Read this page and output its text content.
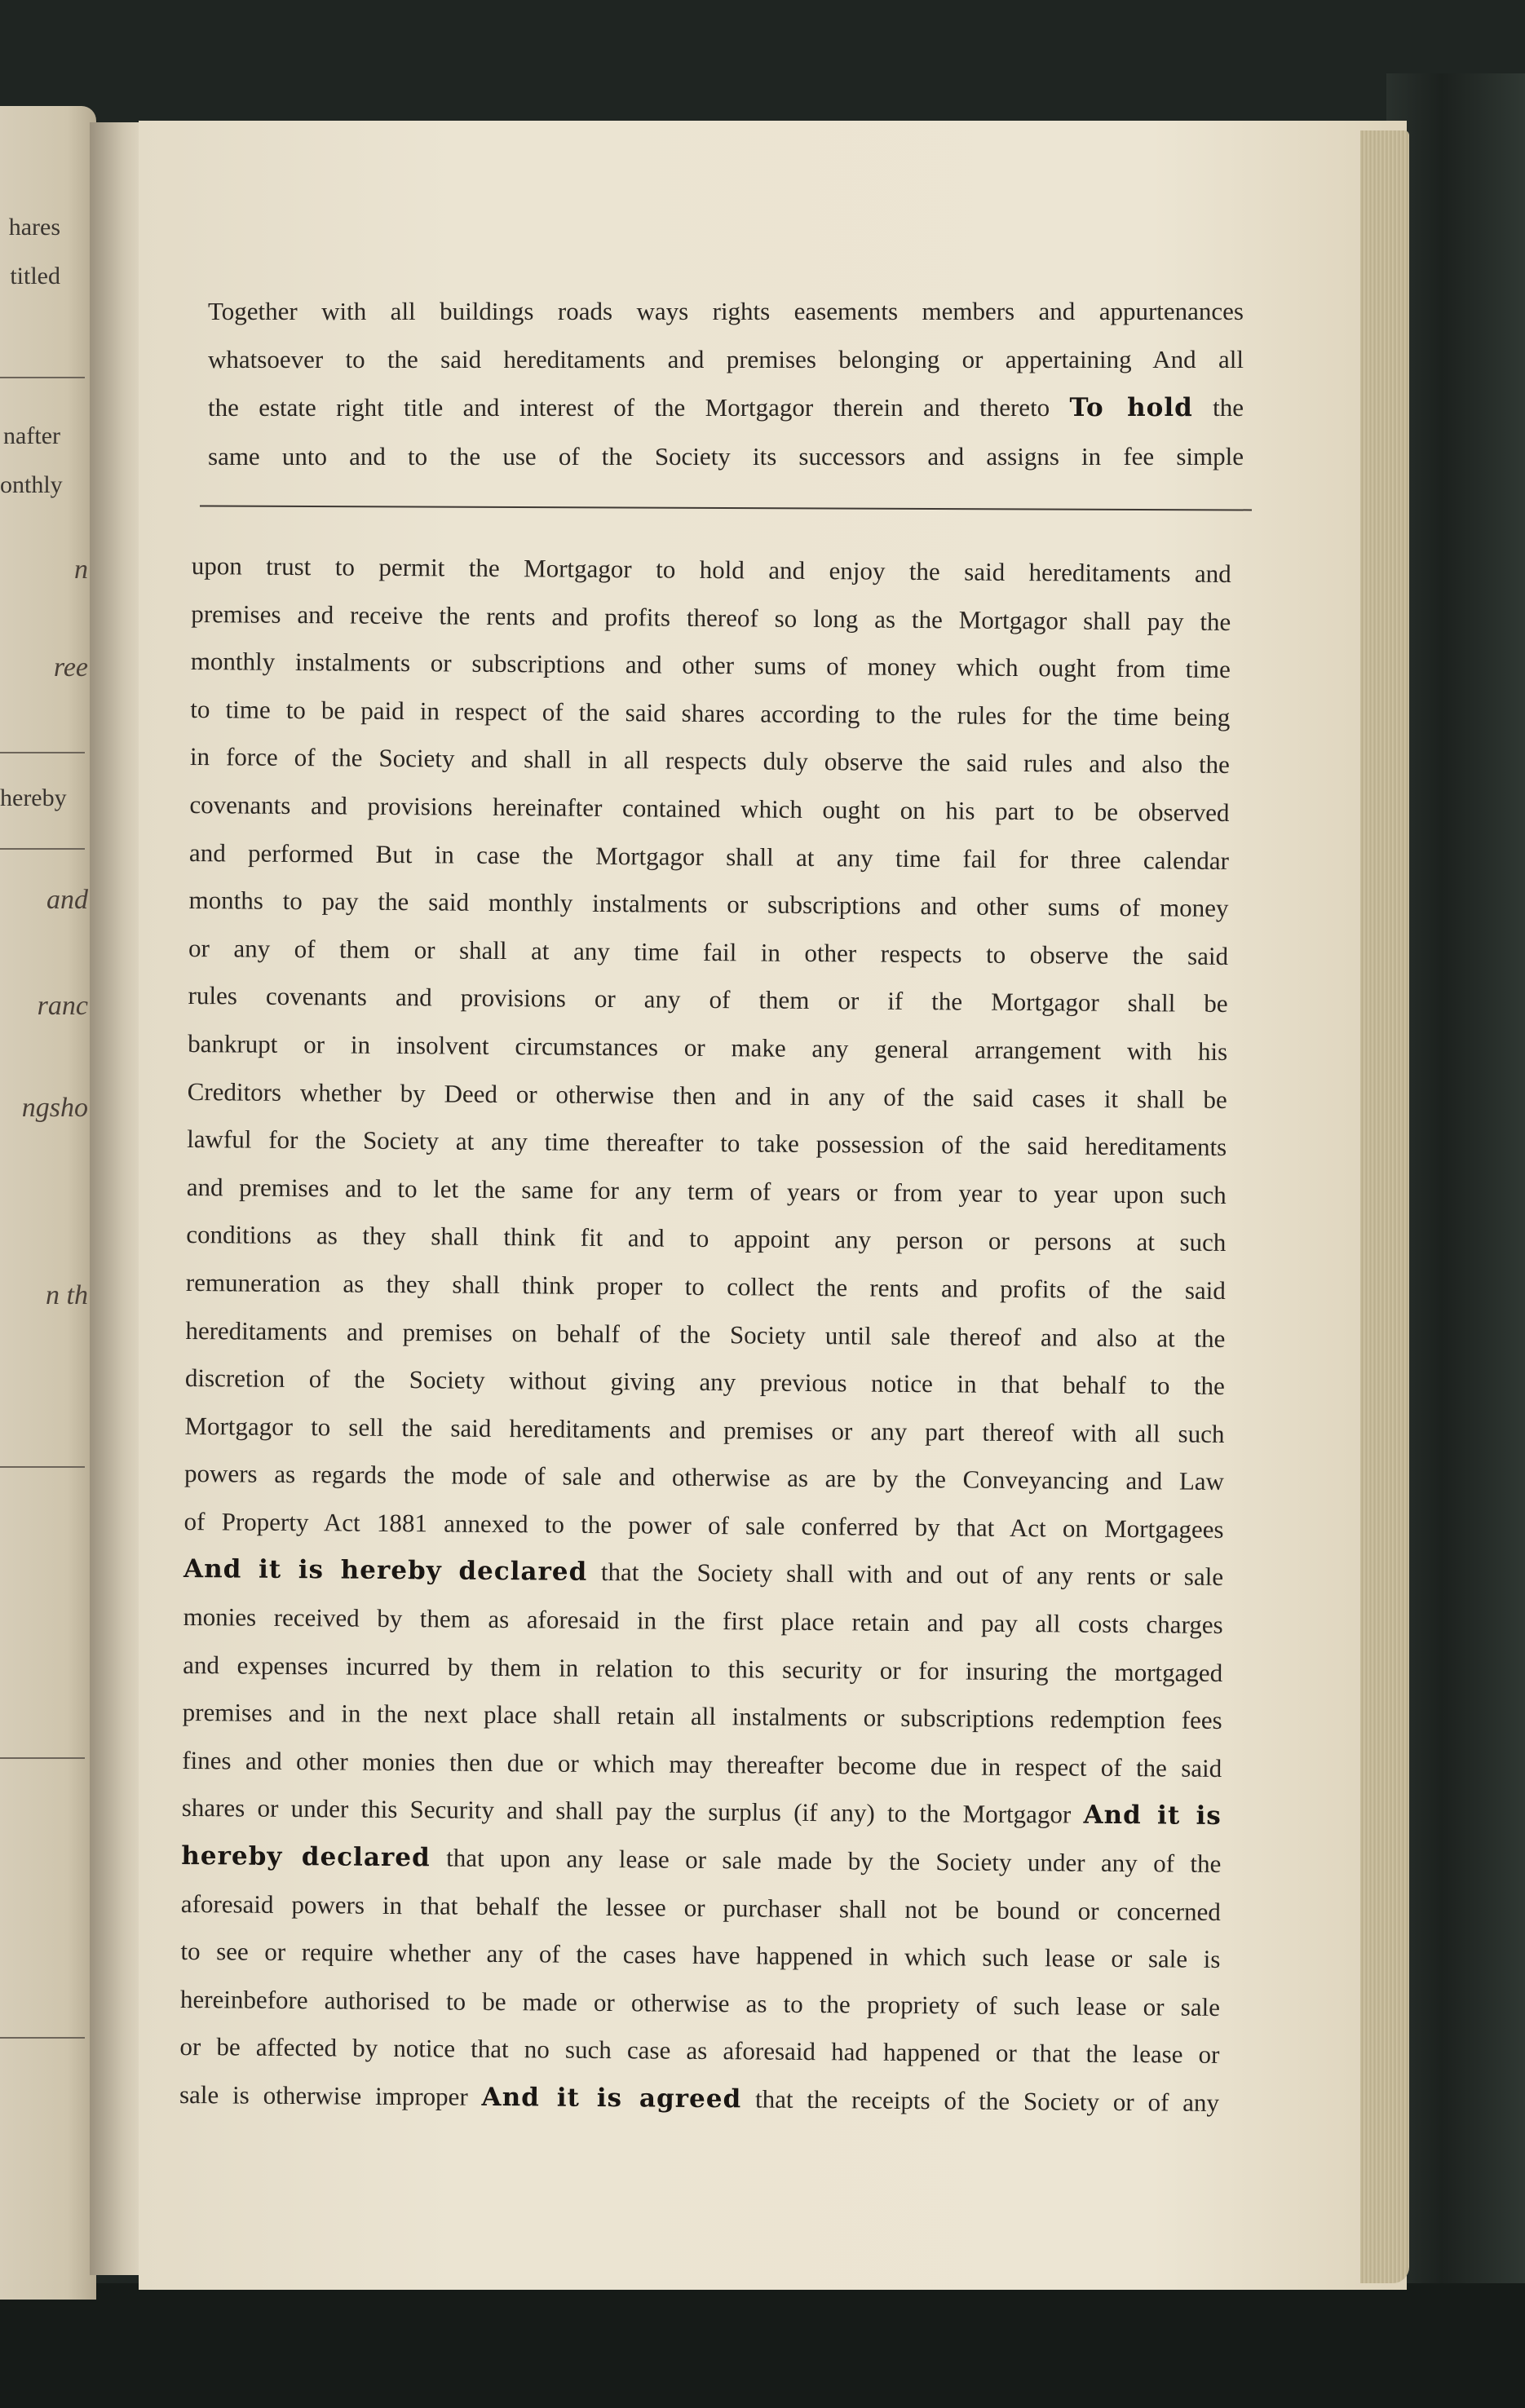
hares
titled
nafter
onthly
n
ree
hereby
and
ranc
ngsho
n th
Together with all buildings roads ways rights easements members and appurtenances
whatsoever to the said hereditaments and premises belonging or appertaining And all
the estate right title and interest of the Mortgagor therein and thereto To hold the
same unto and to the use of the Society its successors and assigns in fee simple
upon trust to permit the Mortgagor to hold and enjoy the said hereditaments and
premises and receive the rents and profits thereof so long as the Mortgagor shall pay the
monthly instalments or subscriptions and other sums of money which ought from time
to time to be paid in respect of the said shares according to the rules for the time being
in force of the Society and shall in all respects duly observe the said rules and also the
covenants and provisions hereinafter contained which ought on his part to be observed
and performed But in case the Mortgagor shall at any time fail for three calendar
months to pay the said monthly instalments or subscriptions and other sums of money
or any of them or shall at any time fail in other respects to observe the said
rules covenants and provisions or any of them or if the Mortgagor shall be
bankrupt or in insolvent circumstances or make any general arrangement with his
Creditors whether by Deed or otherwise then and in any of the said cases it shall be
lawful for the Society at any time thereafter to take possession of the said hereditaments
and premises and to let the same for any term of years or from year to year upon such
conditions as they shall think fit and to appoint any person or persons at such
remuneration as they shall think proper to collect the rents and profits of the said
hereditaments and premises on behalf of the Society until sale thereof and also at the
discretion of the Society without giving any previous notice in that behalf to the
Mortgagor to sell the said hereditaments and premises or any part thereof with all such
powers as regards the mode of sale and otherwise as are by the Conveyancing and Law
of Property Act 1881 annexed to the power of sale conferred by that Act on Mortgagees
And it is hereby declared that the Society shall with and out of any rents or sale
monies received by them as aforesaid in the first place retain and pay all costs charges
and expenses incurred by them in relation to this security or for insuring the mortgaged
premises and in the next place shall retain all instalments or subscriptions redemption fees
fines and other monies then due or which may thereafter become due in respect of the said
shares or under this Security and shall pay the surplus (if any) to the Mortgagor And it is
hereby declared that upon any lease or sale made by the Society under any of the
aforesaid powers in that behalf the lessee or purchaser shall not be bound or concerned
to see or require whether any of the cases have happened in which such lease or sale is
hereinbefore authorised to be made or otherwise as to the propriety of such lease or sale
or be affected by notice that no such case as aforesaid had happened or that the lease or
sale is otherwise improper And it is agreed that the receipts of the Society or of any
